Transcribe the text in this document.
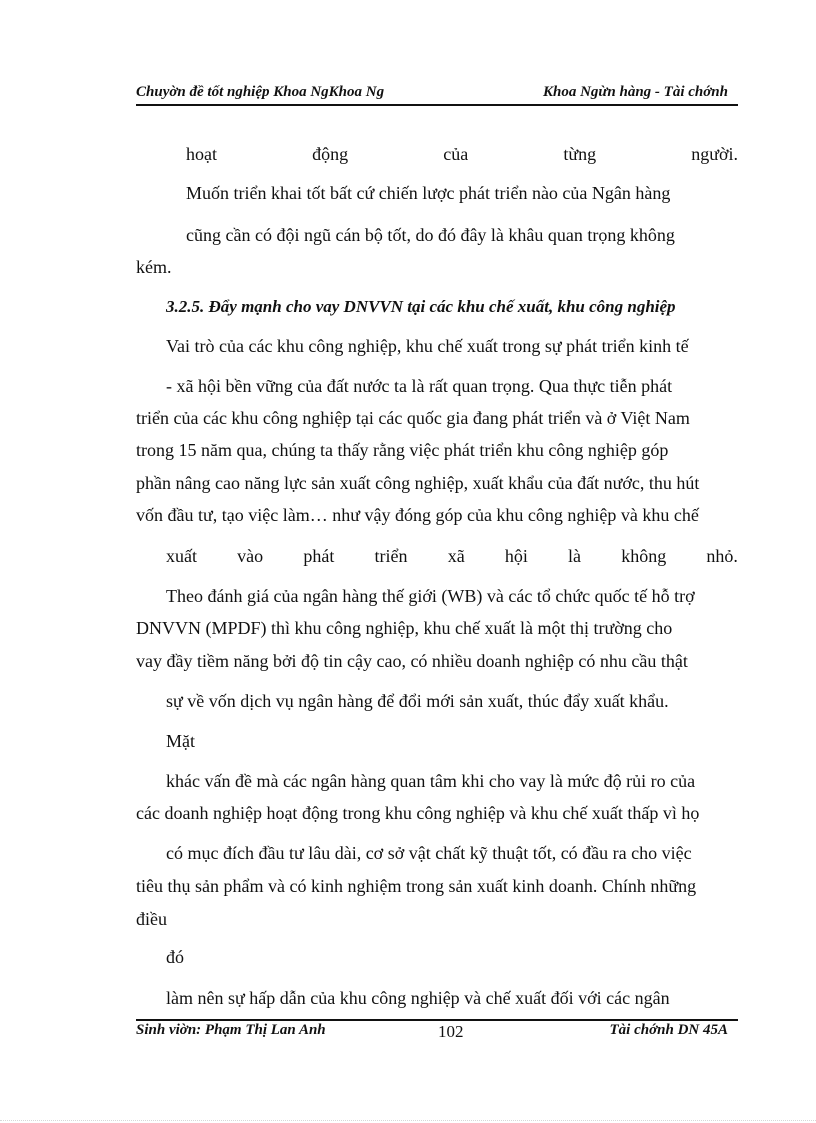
Chuyờn đề tốt nghiệp Khoa NgKhoa Ng	Khoa Ngừn hàng - Tài chớnh
hoạt	động	của	từng	người.
Muốn triển khai tốt bất cứ chiến lược phát triển nào của Ngân hàng
cũng cần có đội ngũ cán bộ tốt, do đó đây là khâu quan trọng không
kém.
3.2.5. Đẩy mạnh cho vay DNVVN tại các khu chế xuất, khu công nghiệp
Vai trò của các khu công nghiệp, khu chế xuất trong sự phát triển kinh tế
- xã hội bền vững của đất nước ta là rất quan trọng. Qua thực tiễn phát
triển của các khu công nghiệp tại các quốc gia đang phát triển và ở Việt Nam
trong 15 năm qua, chúng ta thấy rằng việc phát triển khu công nghiệp góp
phần nâng cao năng lực sản xuất công nghiệp, xuất khẩu của đất nước, thu hút
vốn đầu tư, tạo việc làm… như vậy đóng góp của khu công nghiệp và khu chế
xuất vào phát triển xã hội là không nhỏ.
Theo đánh giá của ngân hàng thế giới (WB) và các tổ chức quốc tế hỗ trợ
DNVVN (MPDF) thì khu công nghiệp, khu chế xuất là một thị trường cho
vay đầy tiềm năng bởi độ tin cậy cao, có nhiều doanh nghiệp có nhu cầu thật
sự về vốn dịch vụ ngân hàng để đổi mới sản xuất, thúc đẩy xuất khẩu.
Mặt
khác vấn đề mà các ngân hàng quan tâm khi cho vay là mức độ rủi ro của
các doanh nghiệp hoạt động trong khu công nghiệp và khu chế xuất thấp vì họ
có mục đích đầu tư lâu dài, cơ sở vật chất kỹ thuật tốt, có đầu ra cho việc
tiêu thụ sản phẩm và có kinh nghiệm trong sản xuất kinh doanh. Chính những
điều
đó
làm nên sự hấp dẫn của khu công nghiệp và chế xuất đối với các ngân
Sinh viờn: Phạm Thị Lan Anh	102	Tài chớnh DN 45A
